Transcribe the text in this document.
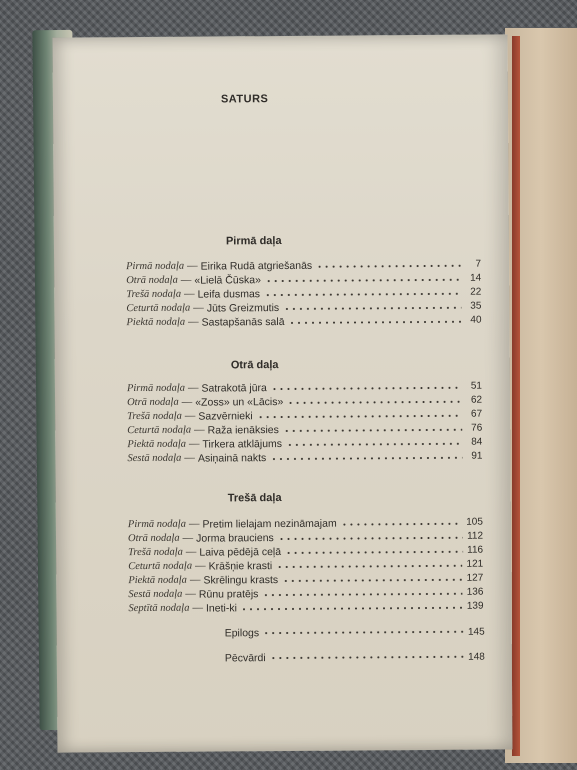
SATURS
Pirmā daļa
Pirmā nodaļa — Eirika Rudā atgriešanās	7
Otrā nodaļa — «Lielā Čūska»	14
Trešā nodaļa — Leifa dusmas	22
Ceturtā nodaļa — Jūts Greizmutis	35
Piektā nodaļa — Sastapšanās salā	40
Otrā daļa
Pirmā nodaļa — Satrakotā jūra	51
Otrā nodaļa — «Zoss» un «Lācis»	62
Trešā nodaļa — Sazvērnieki	67
Ceturtā nodaļa — Raža ienāksies	76
Piektā nodaļa — Tirkera atklājums	84
Sestā nodaļa — Asiņainā nakts	91
Trešā daļa
Pirmā nodaļa — Pretim lielajam nezināmajam	105
Otrā nodaļa — Jorma brauciens	112
Trešā nodaļa — Laiva pēdējā ceļā	116
Ceturtā nodaļa — Krāšņie krasti	121
Piektā nodaļa — Skrēlingu krasts	127
Sestā nodaļa — Rūnu pratējs	136
Septītā nodaļa — Ineti-ki	139
Epilogs	145
Pēcvārdi	148
